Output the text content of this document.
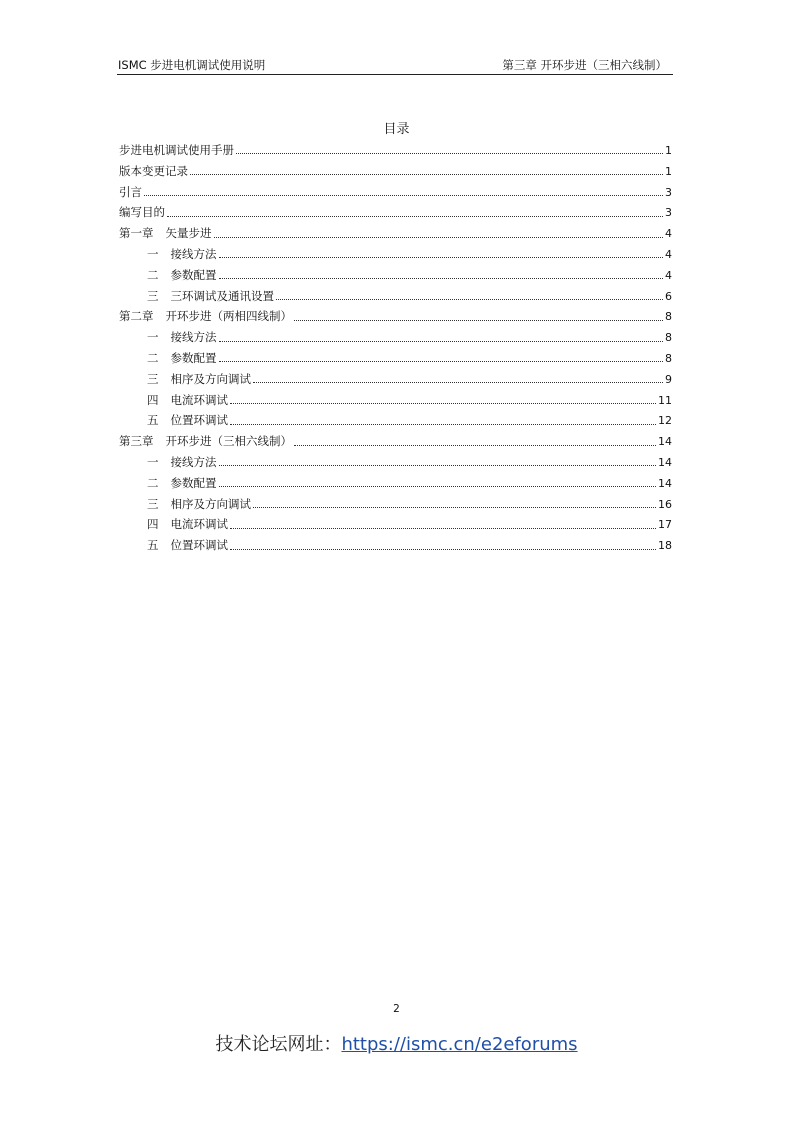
ISMC 步进电机调试使用说明	第三章 开环步进（三相六线制）
目录
步进电机调试使用手册	1
版本变更记录	1
引言	3
编写目的	3
第一章 矢量步进	4
一 接线方法	4
二 参数配置	4
三 三环调试及通讯设置	6
第二章 开环步进（两相四线制）	8
一 接线方法	8
二 参数配置	8
三 相序及方向调试	9
四 电流环调试	11
五 位置环调试	12
第三章 开环步进（三相六线制）	14
一 接线方法	14
二 参数配置	14
三 相序及方向调试	16
四 电流环调试	17
五 位置环调试	18
2
技术论坛网址：https://ismc.cn/e2eforums
